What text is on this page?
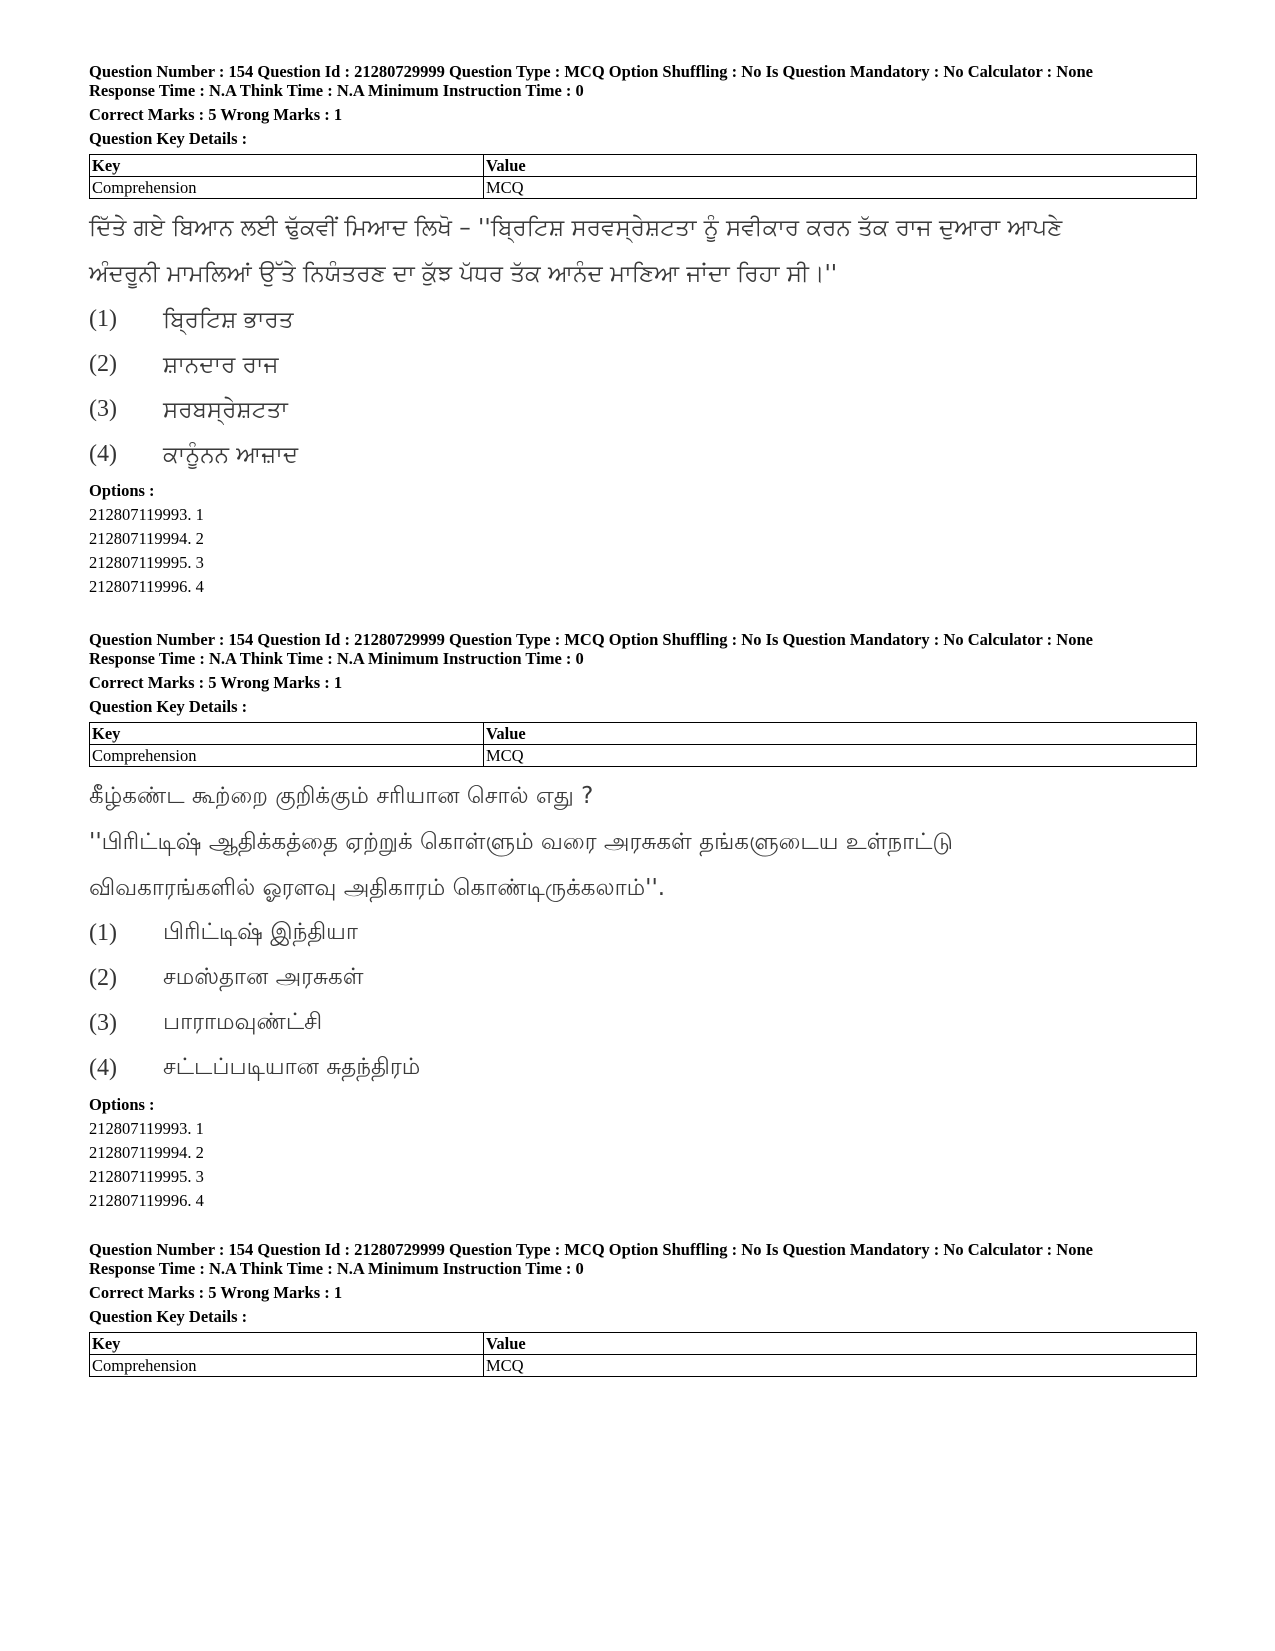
Question Number : 154 Question Id : 21280729999 Question Type : MCQ Option Shuffling : No Is Question Mandatory : No Calculator : None
Response Time : N.A Think Time : N.A Minimum Instruction Time : 0
Correct Marks : 5 Wrong Marks : 1
Question Key Details :
Key	Value
Comprehension	MCQ
ਦਿੱਤੇ ਗਏ ਬਿਆਨ ਲਈ ਢੁੱਕਵੀਂ ਮਿਆਦ ਲਿਖੋ – ''ਬ੍ਰਿਟਿਸ਼ ਸਰਵਸ੍ਰੇਸ਼ਟਤਾ ਨੂੰ ਸਵੀਕਾਰ ਕਰਨ ਤੱਕ ਰਾਜ ਦੁਆਰਾ ਆਪਣੇ
ਅੰਦਰੂਨੀ ਮਾਮਲਿਆਂ ਉੱਤੇ ਨਿਯੰਤਰਣ ਦਾ ਕੁੱਝ ਪੱਧਰ ਤੱਕ ਆਨੰਦ ਮਾਣਿਆ ਜਾਂਦਾ ਰਿਹਾ ਸੀ।''
(1)	ਬ੍ਰਿਟਿਸ਼ ਭਾਰਤ
(2)	ਸ਼ਾਨਦਾਰ ਰਾਜ
(3)	ਸਰਬਸ੍ਰੇਸ਼ਟਤਾ
(4)	ਕਾਨੂੰਨਨ ਆਜ਼ਾਦ
Options :
212807119993. 1
212807119994. 2
212807119995. 3
212807119996. 4
Question Number : 154 Question Id : 21280729999 Question Type : MCQ Option Shuffling : No Is Question Mandatory : No Calculator : None
Response Time : N.A Think Time : N.A Minimum Instruction Time : 0
Correct Marks : 5 Wrong Marks : 1
Question Key Details :
Key	Value
Comprehension	MCQ
கீழ்கண்ட கூற்றை குறிக்கும் சரியான சொல் எது ?
''பிரிட்டிஷ் ஆதிக்கத்தை ஏற்றுக் கொள்ளும் வரை அரசுகள் தங்களுடைய உள்நாட்டு
விவகாரங்களில் ஓரளவு அதிகாரம் கொண்டிருக்கலாம்''.
(1)	பிரிட்டிஷ் இந்தியா
(2)	சமஸ்தான அரசுகள்
(3)	பாராமவுண்ட்சி
(4)	சட்டப்படியான சுதந்திரம்
Options :
212807119993. 1
212807119994. 2
212807119995. 3
212807119996. 4
Question Number : 154 Question Id : 21280729999 Question Type : MCQ Option Shuffling : No Is Question Mandatory : No Calculator : None
Response Time : N.A Think Time : N.A Minimum Instruction Time : 0
Correct Marks : 5 Wrong Marks : 1
Question Key Details :
Key	Value
Comprehension	MCQ
